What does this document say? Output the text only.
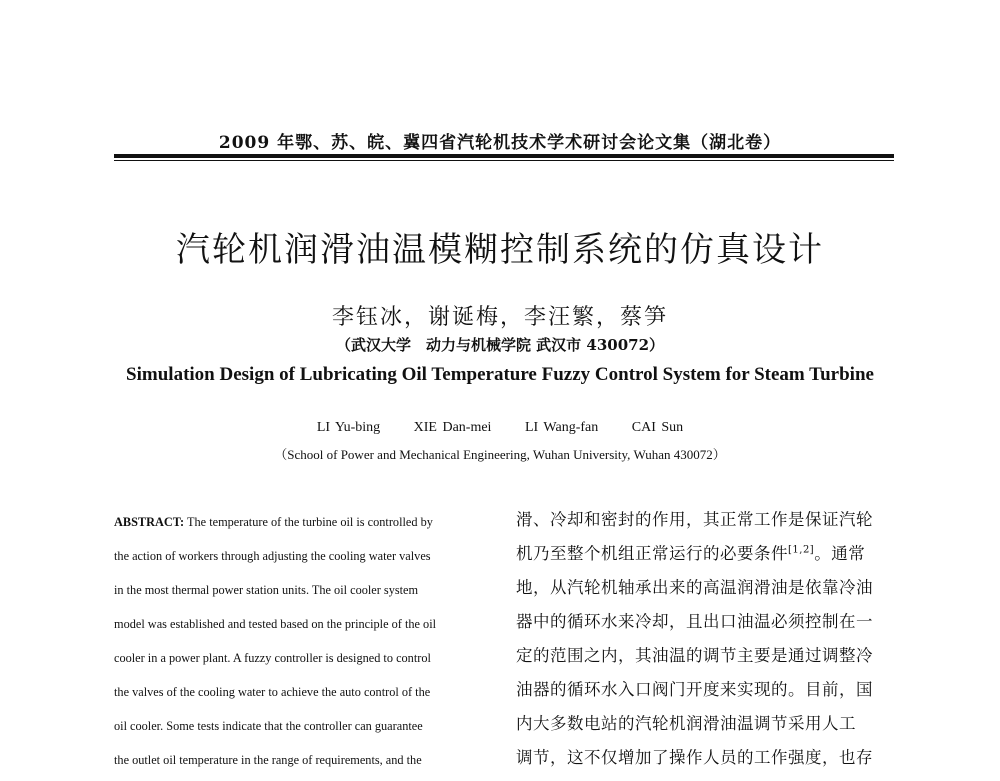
2009 年鄂、苏、皖、冀四省汽轮机技术学术研讨会论文集（湖北卷）
汽轮机润滑油温模糊控制系统的仿真设计
李钰冰，谢诞梅，李汪繁，蔡笋
（武汉大学　动力与机械学院 武汉市 430072）
Simulation Design of Lubricating Oil Temperature Fuzzy Control System for Steam Turbine
LI Yu-bing XIE Dan-mei LI Wang-fan CAI Sun
（School of Power and Mechanical Engineering, Wuhan University, Wuhan 430072）
ABSTRACT: The temperature of the turbine oil is controlled by
the action of workers through adjusting the cooling water valves
in the most thermal power station units. The oil cooler system
model was established and tested based on the principle of the oil
cooler in a power plant. A fuzzy controller is designed to control
the valves of the cooling water to achieve the auto control of the
oil cooler. Some tests indicate that the controller can guarantee
the outlet oil temperature in the range of requirements, and the
滑、冷却和密封的作用，其正常工作是保证汽轮
机乃至整个机组正常运行的必要条件[1,2]。通常
地，从汽轮机轴承出来的高温润滑油是依靠冷油
器中的循环水来冷却，且出口油温必须控制在一
定的范围之内，其油温的调节主要是通过调整冷
油器的循环水入口阀门开度来实现的。目前，国
内大多数电站的汽轮机润滑油温调节采用人工
调节，这不仅增加了操作人员的工作强度，也存
